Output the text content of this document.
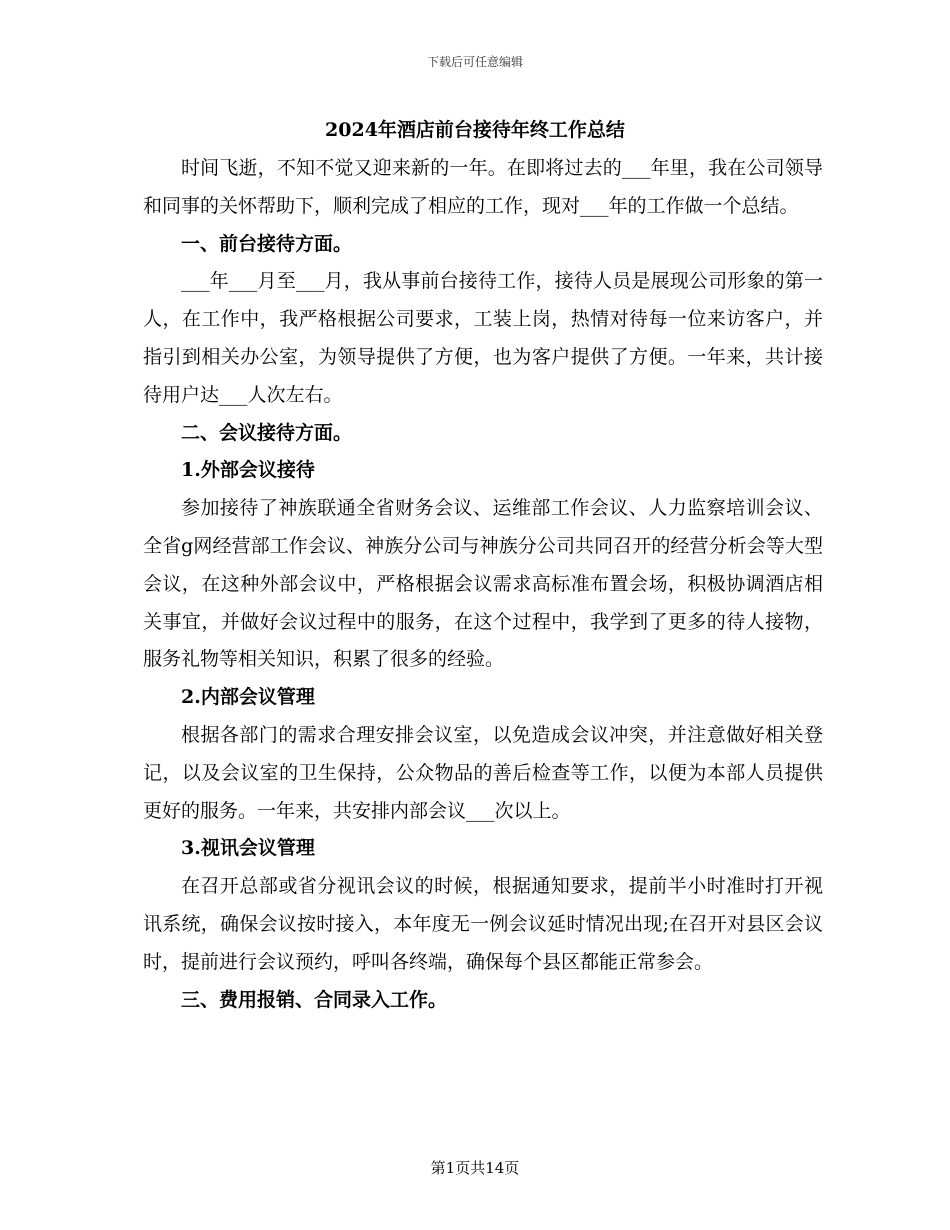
下载后可任意编辑
2024年酒店前台接待年终工作总结

时间飞逝，不知不觉又迎来新的一年。在即将过去的___年里，我在公司领导和同事的关怀帮助下，顺利完成了相应的工作，现对___年的工作做一个总结。

一、前台接待方面。

___年___月至___月，我从事前台接待工作，接待人员是展现公司形象的第一人，在工作中，我严格根据公司要求，工装上岗，热情对待每一位来访客户，并指引到相关办公室，为领导提供了方便，也为客户提供了方便。一年来，共计接待用户达___人次左右。

二、会议接待方面。

1.外部会议接待

参加接待了神族联通全省财务会议、运维部工作会议、人力监察培训会议、全省g网经营部工作会议、神族分公司与神族分公司共同召开的经营分析会等大型会议，在这种外部会议中，严格根据会议需求高标准布置会场，积极协调酒店相关事宜，并做好会议过程中的服务，在这个过程中，我学到了更多的待人接物，服务礼物等相关知识，积累了很多的经验。

2.内部会议管理

根据各部门的需求合理安排会议室，以免造成会议冲突，并注意做好相关登记，以及会议室的卫生保持，公众物品的善后检查等工作，以便为本部人员提供更好的服务。一年来，共安排内部会议___次以上。

3.视讯会议管理

在召开总部或省分视讯会议的时候，根据通知要求，提前半小时准时打开视讯系统，确保会议按时接入，本年度无一例会议延时情况出现;在召开对县区会议时，提前进行会议预约，呼叫各终端，确保每个县区都能正常参会。

三、费用报销、合同录入工作。

第1页共14页
